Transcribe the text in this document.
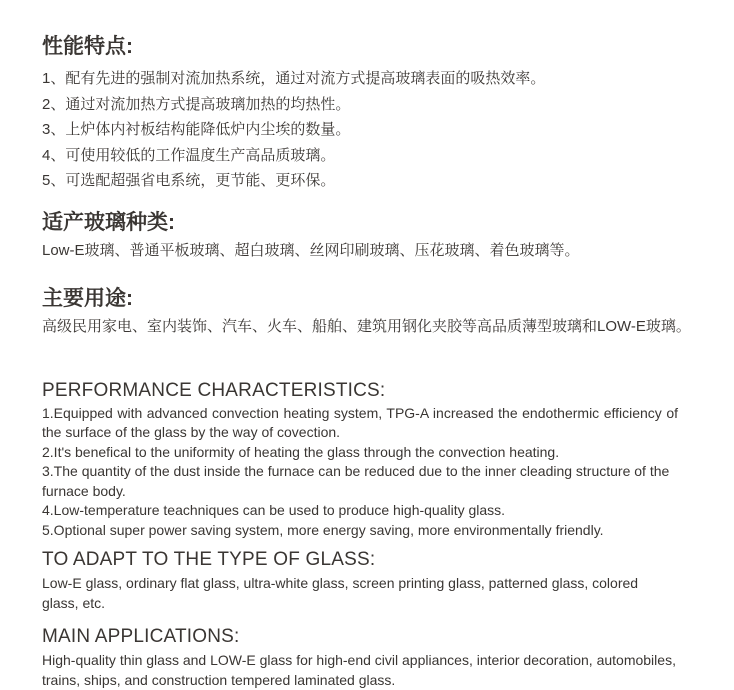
性能特点:
1、配有先进的强制对流加热系统，通过对流方式提高玻璃表面的吸热效率。
2、通过对流加热方式提高玻璃加热的均热性。
3、上炉体内衬板结构能降低炉内尘埃的数量。
4、可使用较低的工作温度生产高品质玻璃。
5、可选配超强省电系统，更节能、更环保。
适产玻璃种类:

Low-E玻璃、普通平板玻璃、超白玻璃、丝网印刷玻璃、压花玻璃、着色玻璃等。

主要用途:

高级民用家电、室内装饰、汽车、火车、船舶、建筑用钢化夹胶等高品质薄型玻璃和LOW-E玻璃。

PERFORMANCE CHARACTERISTICS:
1.Equipped with advanced convection heating system, TPG-A increased the endothermic efficiency of the surface of the glass by the way of covection.
2.It's benefical to the uniformity of heating the glass through the convection heating.
3.The quantity of the dust inside the furnace can be reduced due to the inner cleading structure of the furnace body.
4.Low-temperature teachniques can be used to produce high-quality glass.
5.Optional super power saving system, more energy saving, more environmentally friendly.
TO ADAPT TO THE TYPE OF GLASS:

Low-E glass, ordinary flat glass, ultra-white glass, screen printing glass, patterned glass, colored glass, etc.

MAIN APPLICATIONS:

High-quality thin glass and LOW-E glass for high-end civil appliances, interior decoration, automobiles, trains, ships, and construction tempered laminated glass.
